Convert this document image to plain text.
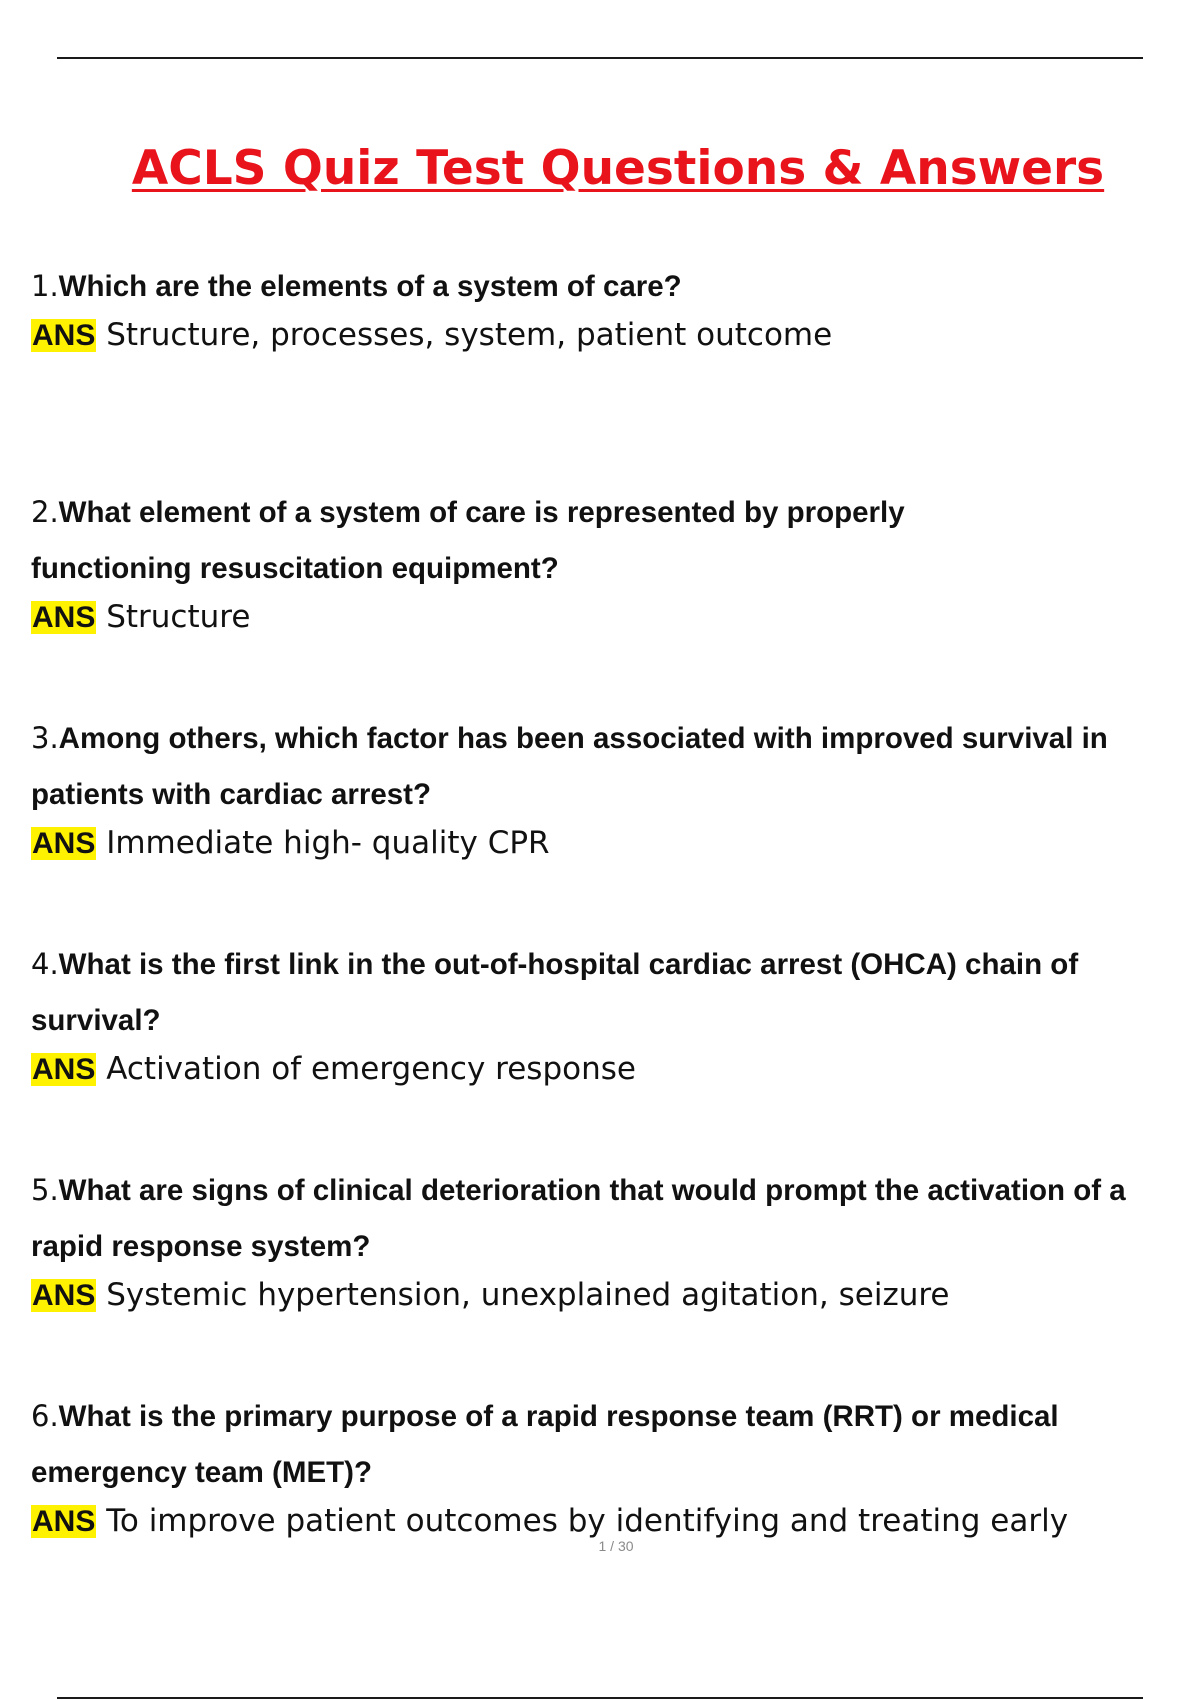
ACLS Quiz Test Questions & Answers

1.Which are the elements of a system of care?

ANS Structure, processes, system, patient outcome

2.What element of a system of care is represented by properly functioning resuscitation equipment?

ANS Structure

3.Among others, which factor has been associated with improved survival in patients with cardiac arrest?

ANS Immediate high- quality CPR

4.What is the first link in the out-of-hospital cardiac arrest (OHCA) chain of survival?

ANS Activation of emergency response

5.What are signs of clinical deterioration that would prompt the activation of a rapid response system?

ANS Systemic hypertension, unexplained agitation, seizure

6.What is the primary purpose of a rapid response team (RRT) or medical emergency team (MET)?

ANS To improve patient outcomes by identifying and treating early

1 / 30
